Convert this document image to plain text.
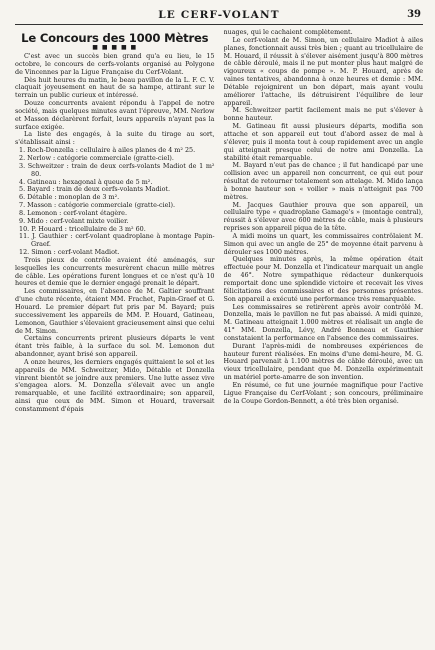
LE CERF-VOLANT	39
Le Concours des 1000 Mètres
■ ■ ■ ■ ■

C'est avec un succès bien grand qu'a eu lieu, le 15 octobre, le concours de cerfs-volants organisé au Polygone de Vincennes par la Ligue Française du Cerf-Volant.

Dès huit heures du matin, le beau pavillon de la L. F. C. V. claquait joyeusement en haut de sa hampe, attirant sur le terrain un public curieux et intéressé.

Douze concurrents avaient répondu à l'appel de notre société, mais quelques minutes avant l'épreuve, MM. Nerlow et Masson déclarèrent forfait, leurs appareils n'ayant pas la surface exigée.

La liste des engagés, à la suite du tirage au sort, s'établissait ainsi :

1. Roch-Donzella : cellulaire à ailes planes de 4 m² 25.
2. Nerlow : catégorie commerciale (gratte-ciel).
3. Schweitzer : train de deux cerfs-volants Madiot de 1 m² 80.
4. Gatineau : hexagonal à queue de 5 m².
5. Bayard : train de deux cerfs-volants Madiot.
6. Détable : monoplan de 3 m².
7. Masson : catégorie commerciale (gratte-ciel).
8. Lemonon : cerf-volant étagère.
9. Mido : cerf-volant mixte voilier.
10. P. Houard : tricellulaire de 3 m² 60.
11. J. Gauthier : cerf-volant quadroplane à montage Papin-Graef.
12. Simon : cerf-volant Madiot.

Trois pieux de contrôle avaient été aménagés, sur lesquelles les concurrents mesurèrent chacun mille mètres de câble. Les opérations furent longues et ce n'est qu'à 10 heures et demie que le dernier engagé prenait le départ.

Les commissaires, en l'absence de M. Galtier souffrant d'une chute récente, étaient MM. Frachet, Papin-Graef et G. Houard. Le premier départ fut pris par M. Bayard; puis successivement les appareils de MM. P. Houard, Gatineau, Lemonon, Gauthier s'élevaient gracieusement ainsi que celui de M. Simon.

Certains concurrents prirent plusieurs départs le vent étant très faible, à la surface du sol. M. Lemonon dut abandonner, ayant brisé son appareil.

A onze heures, les derniers engagés quittaient le sol et les appareils de MM. Schweitzer, Mido, Détable et Donzella vinrent bientôt se joindre aux premiers. Une lutte assez vive s'engagea alors. M. Donzella s'élevait avec un angle remarquable, et une facilité extraordinaire; son appareil, ainsi que ceux de MM. Simon et Houard, traversait constamment d'épais

nuages, qui le cachaient complètement.

Le cerf-volant de M. Simon, un cellulaire Madiot à ailes planes, fonctionnait aussi très bien ; quant au tricellulaire de M. Houard, il réussit à s'élever aisément jusqu'à 800 mètres de câble déroulé, mais il ne put monter plus haut malgré de vigoureux « coups de pompe ». M. P. Houard, après de vaines tentatives, abandonna à onze heures et demie : MM. Détable rejoignirent un bon départ, mais ayant voulu améliorer l'attache, ils détruisirent l'équilibre de leur appareil.

M. Schweitzer partit facilement mais ne put s'élever à bonne hauteur.

M. Gatineau fit aussi plusieurs départs, modifia son attache et son appareil eut tout d'abord assez de mal à s'élever, puis il monta tout à coup rapidement avec un angle qui atteignait presque celui de notre ami Donzella. La stabilité était remarquable.

M. Bayard n'eut pas de chance ; il fut handicapé par une collision avec un appareil non concurrent, ce qui eut pour résultat de retourner totalement son attelage. M. Mido lança à bonne hauteur son « voilier » mais n'atteignit pas 700 mètres.

M. Jacques Gauthier prouva que son appareil, un cellulaire type « quadroplane Gamage's » (montage central), réussit à s'élever avec 600 mètres de câble, mais à plusieurs reprises son appareil piqua de la tête.

A midi moins un quart, les commissaires contrôlaient M. Simon qui avec un angle de 25° de moyenne était parvenu à dérouler ses 1000 mètres.

Quelques minutes après, la même opération était effectuée pour M. Donzella et l'indicateur marquait un angle de 46°. Notre sympathique rédacteur dunkerquois remportait donc une splendide victoire et recevait les vives félicitations des commissaires et des personnes présentes. Son appareil a exécuté une performance très remarquable.

Les commissaires se retirèrent après avoir contrôlé M. Donzella, mais le pavillon ne fut pas abaissé. A midi quinze, M. Gatineau atteignait 1.000 mètres et réalisait un angle de 41° MM. Donzella, Lévy, André Bonneau et Gauthier constataient la performance en l'absence des commissaires.

Durant l'après-midi de nombreuses expériences de hauteur furent réalisées. En moins d'une demi-heure, M. G. Houard parvenait à 1.100 mètres de câble déroulé, avec un vieux tricellulaire, pendant que M. Donzella expérimentait un matériel porte-amarre de son invention.

En résumé, ce fut une journée magnifique pour l'active Ligue Française du Cerf-Volant ; son concours, préliminaire de la Coupe Gordon-Bennett, a été très bien organisé.
